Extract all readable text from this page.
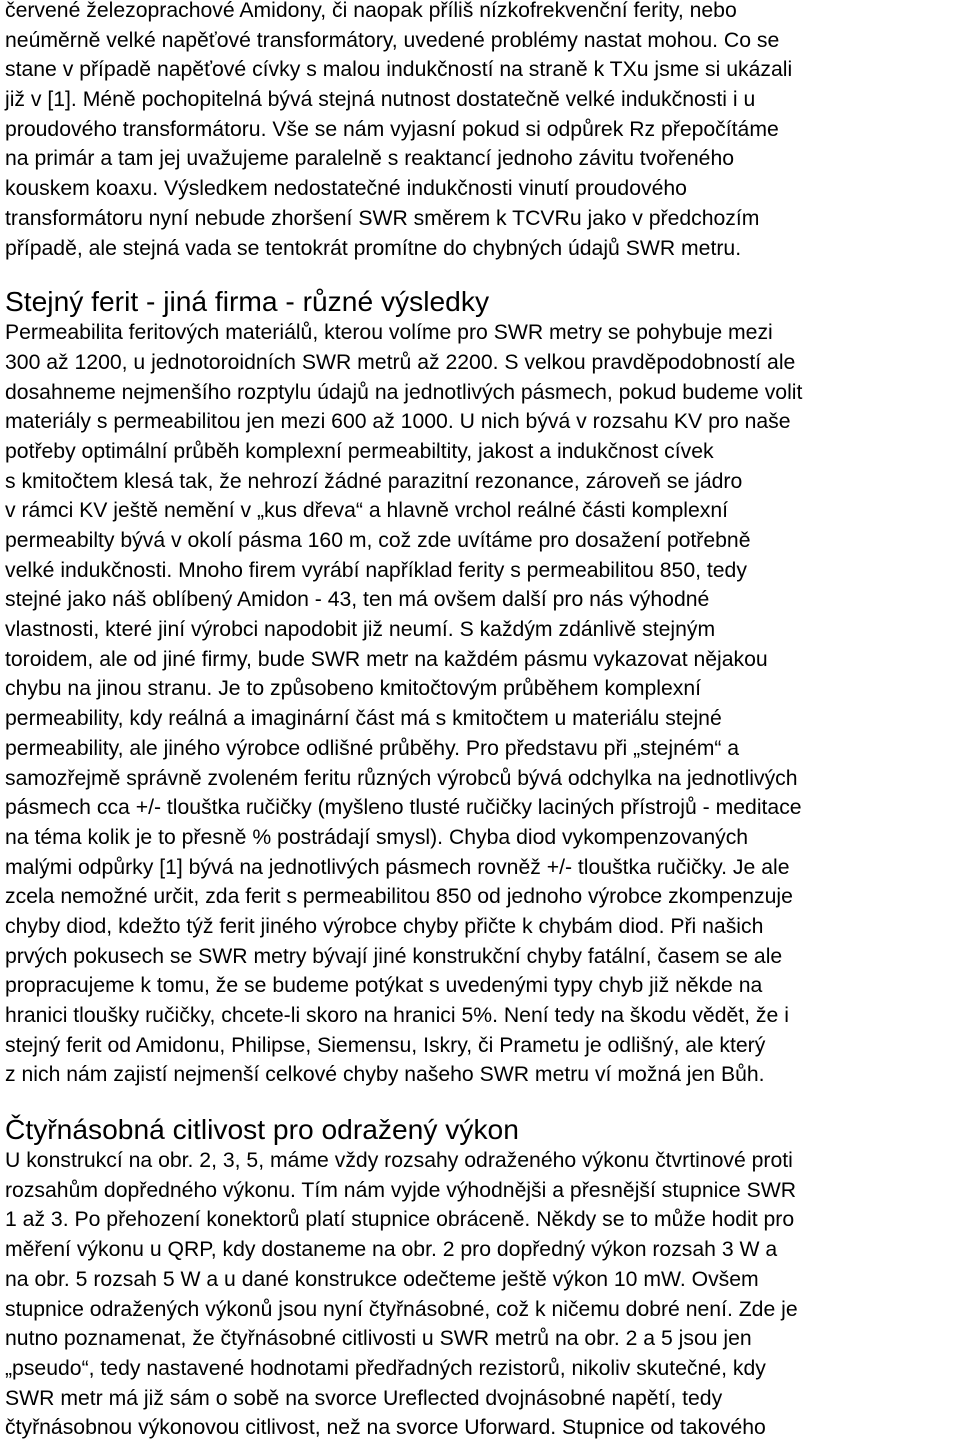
červené železoprachové Amidony, či naopak příliš nízkofrekvenční ferity, nebo
neúměrně velké napěťové transformátory, uvedené problémy nastat mohou. Co se
stane v případě napěťové cívky s malou indukčností na straně k TXu jsme si ukázali
již v [1]. Méně pochopitelná bývá stejná nutnost dostatečně velké indukčnosti i u
proudového transformátoru. Vše se nám vyjasní pokud si odpůrek Rz přepočítáme
na primár a tam jej uvažujeme paralelně s reaktancí jednoho závitu tvořeného
kouskem koaxu. Výsledkem nedostatečné indukčnosti vinutí proudového
transformátoru nyní nebude zhoršení SWR směrem k TCVRu jako v předchozím
případě, ale stejná vada se tentokrát promítne do chybných údajů SWR metru.
Stejný ferit - jiná firma - různé výsledky
Permeabilita feritových materiálů, kterou volíme pro SWR metry se pohybuje mezi
300 až 1200, u jednotoroidních SWR metrů až 2200. S velkou pravděpodobností ale
dosahneme nejmenšího rozptylu údajů na jednotlivých pásmech, pokud budeme volit
materiály s permeabilitou jen mezi 600 až 1000. U nich bývá v rozsahu KV pro naše
potřeby optimální průběh komplexní permeabiltity, jakost a indukčnost cívek
s kmitočtem klesá tak, že nehrozí žádné parazitní rezonance, zároveň se jádro
v rámci KV ještě nemění v „kus dřeva“ a hlavně vrchol reálné části komplexní
permeabilty bývá v okolí pásma 160 m, což zde uvítáme pro dosažení potřebně
velké indukčnosti. Mnoho firem vyrábí například ferity s permeabilitou 850, tedy
stejné jako náš oblíbený Amidon - 43, ten má ovšem další pro nás výhodné
vlastnosti, které jiní výrobci napodobit již neumí. S každým zdánlivě stejným
toroidem, ale od jiné firmy, bude SWR metr na každém pásmu vykazovat nějakou
chybu na jinou stranu. Je to způsobeno kmitočtovým průběhem komplexní
permeability, kdy reálná a imaginární část má s kmitočtem u materiálu stejné
permeability, ale jiného výrobce odlišné průběhy. Pro představu při „stejném“ a
samozřejmě správně zvoleném feritu různých výrobců bývá odchylka na jednotlivých
pásmech cca +/- tlouštka ručičky (myšleno tlusté ručičky laciných přístrojů - meditace
na téma kolik je to přesně % postrádají smysl). Chyba diod vykompenzovaných
malými odpůrky [1] bývá na jednotlivých pásmech rovněž +/- tlouštka ručičky. Je ale
zcela nemožné určit, zda ferit s permeabilitou 850 od jednoho výrobce zkompenzuje
chyby diod, kdežto týž ferit jiného výrobce chyby přičte k chybám diod. Při našich
prvých pokusech se SWR metry bývají jiné konstrukční chyby fatální, časem se ale
propracujeme k tomu, že se budeme potýkat s uvedenými typy chyb již někde na
hranici tloušky ručičky, chcete-li skoro na hranici 5%. Není tedy na škodu vědět, že i
stejný ferit od Amidonu, Philipse, Siemensu, Iskry, či Prametu je odlišný, ale který
z nich nám zajistí nejmenší celkové chyby našeho SWR metru ví možná jen Bůh.
Čtyřnásobná citlivost pro odražený výkon
U konstrukcí na obr. 2, 3, 5, máme vždy rozsahy odraženého výkonu čtvrtinové proti
rozsahům dopředného výkonu. Tím nám vyjde výhodnějši a přesnější stupnice SWR
1 až 3. Po přehození konektorů platí stupnice obráceně. Někdy se to může hodit pro
měření výkonu u QRP, kdy dostaneme na obr. 2 pro dopředný výkon rozsah 3 W a
na obr. 5 rozsah 5 W a u dané konstrukce odečteme ještě výkon 10 mW. Ovšem
stupnice odražených výkonů jsou nyní čtyřnásobné, což k ničemu dobré není. Zde je
nutno poznamenat, že čtyřnásobné citlivosti u SWR metrů na obr. 2 a 5 jsou jen
„pseudo“, tedy nastavené hodnotami předřadných rezistorů, nikoliv skutečné, kdy
SWR metr má již sám o sobě na svorce Ureflected dvojnásobné napětí, tedy
čtyřnásobnou výkonovou citlivost, než na svorce Uforward. Stupnice od takového
